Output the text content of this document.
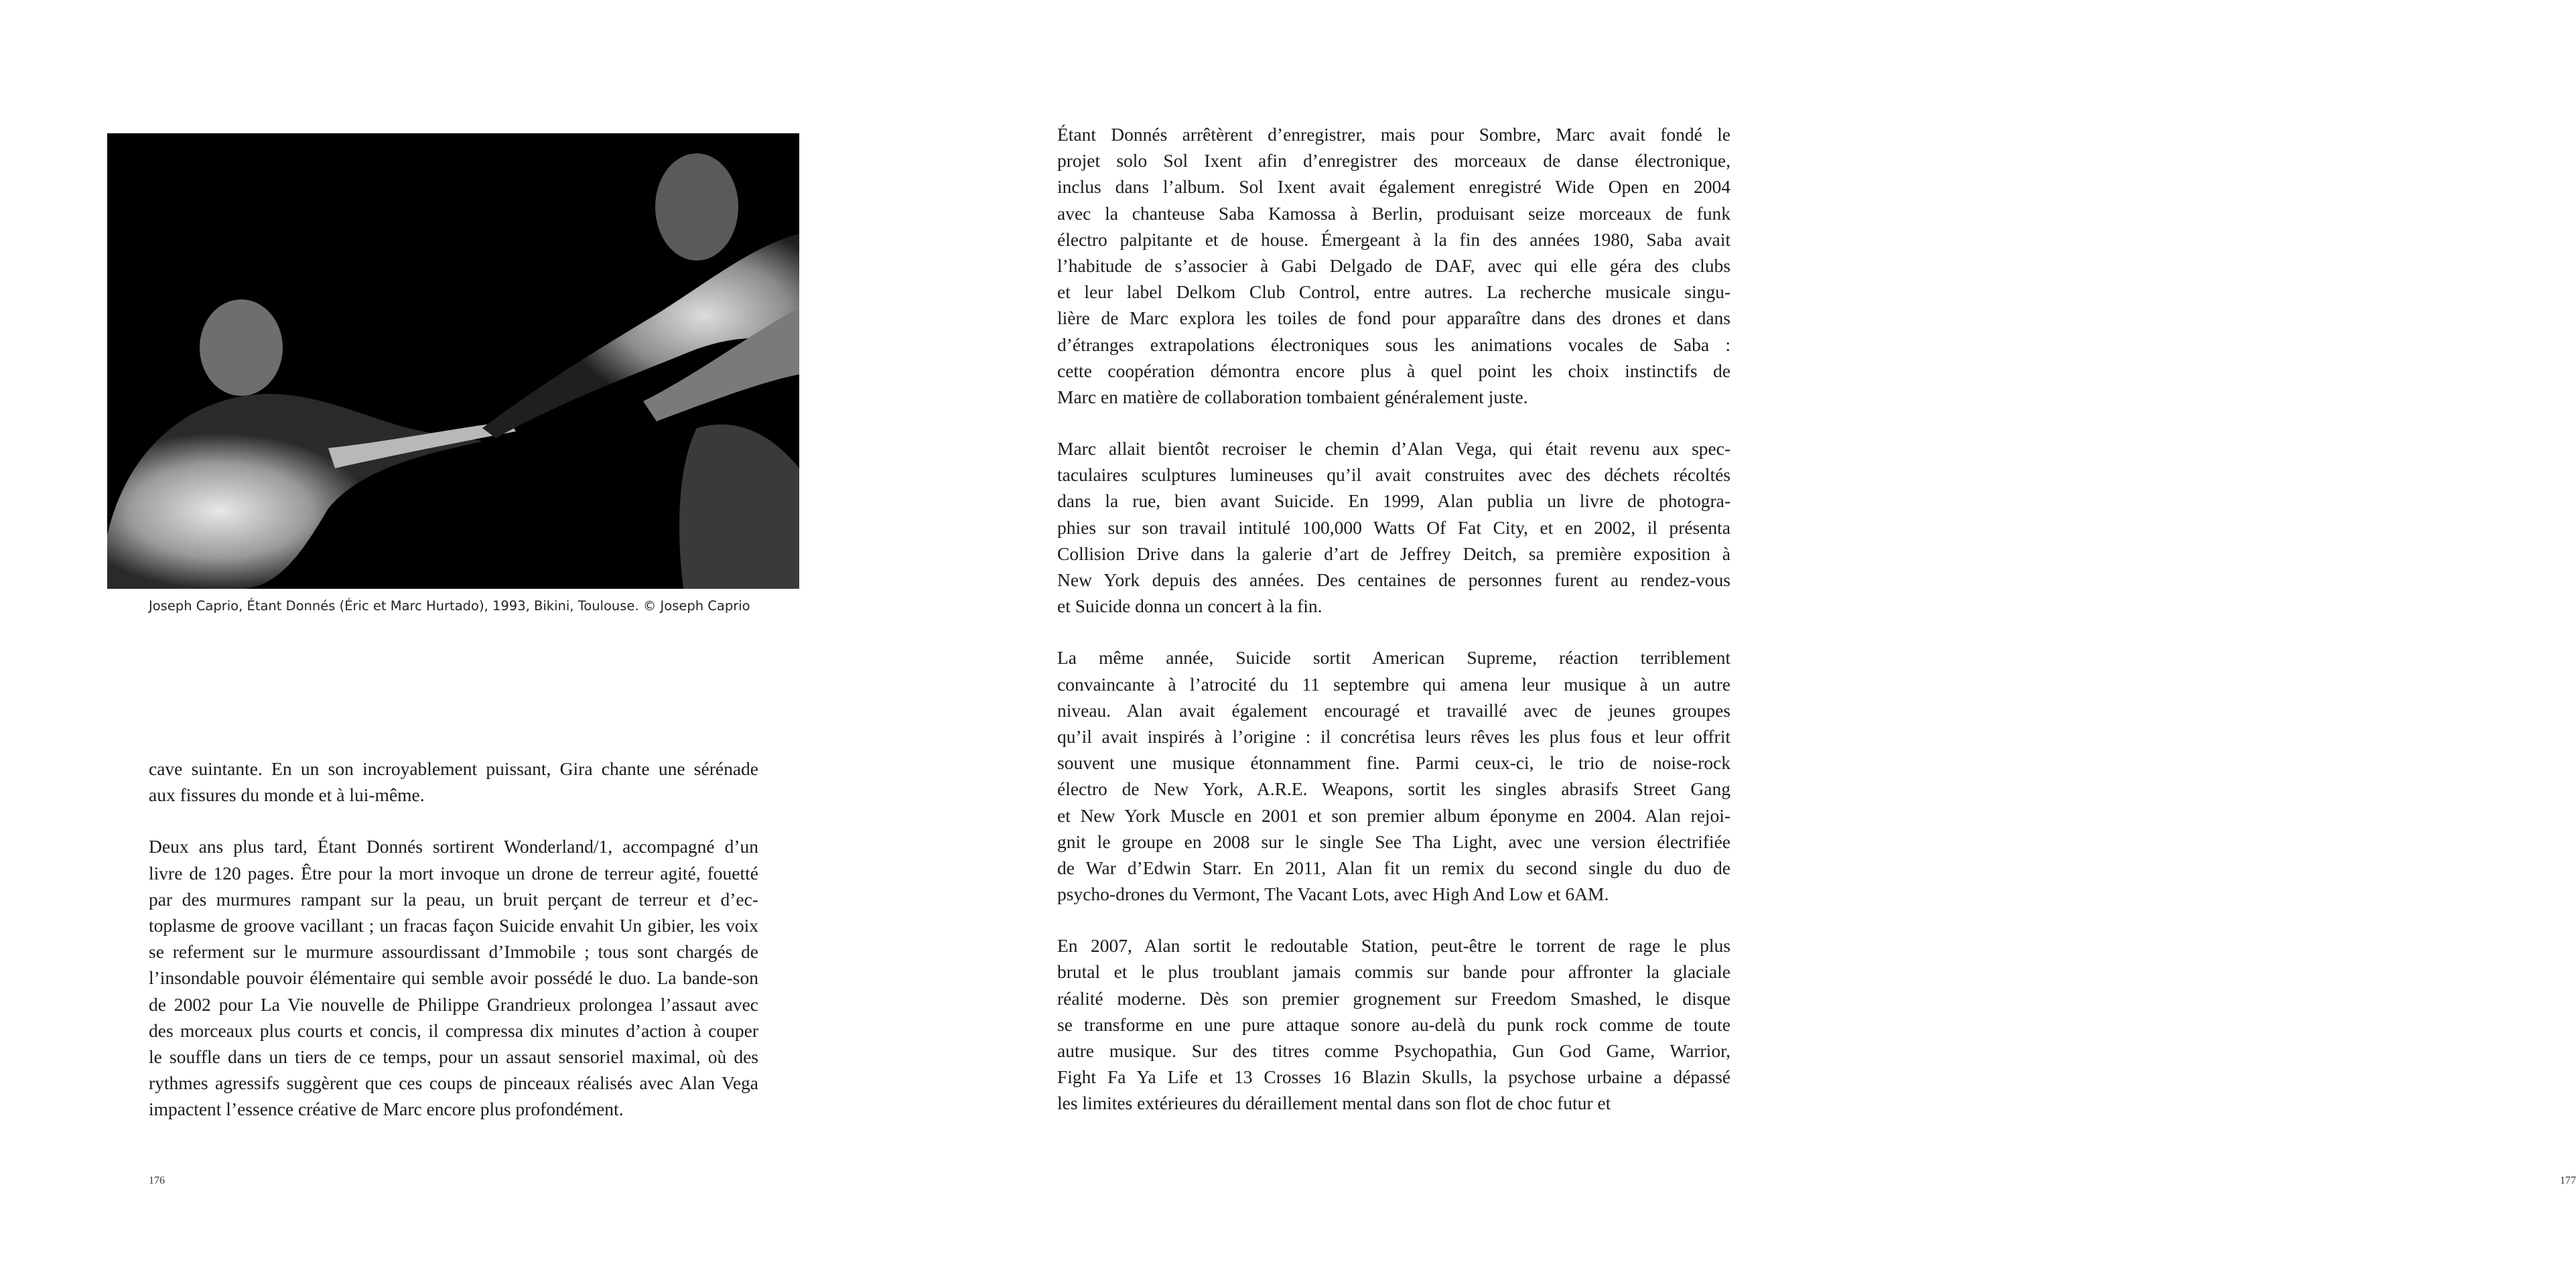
Joseph Caprio, Étant Donnés (Éric et Marc Hurtado), 1993, Bikini, Toulouse. © Joseph Caprio
cave suintante. En un son incroyablement puissant, Gira chante une sérénade
aux fissures du monde et à lui-même.
Deux ans plus tard, Étant Donnés sortirent Wonderland/1, accompagné d’un
livre de 120 pages. Être pour la mort invoque un drone de terreur agité, fouetté
par des murmures rampant sur la peau, un bruit perçant de terreur et d’ec-
toplasme de groove vacillant ; un fracas façon Suicide envahit Un gibier, les voix
se referment sur le murmure assourdissant d’Immobile ; tous sont chargés de
l’insondable pouvoir élémentaire qui semble avoir possédé le duo. La bande-son
de 2002 pour La Vie nouvelle de Philippe Grandrieux prolongea l’assaut avec
des morceaux plus courts et concis, il compressa dix minutes d’action à couper
le souffle dans un tiers de ce temps, pour un assaut sensoriel maximal, où des
rythmes agressifs suggèrent que ces coups de pinceaux réalisés avec Alan Vega
impactent l’essence créative de Marc encore plus profondément.
176
Étant Donnés arrêtèrent d’enregistrer, mais pour Sombre, Marc avait fondé le
projet solo Sol Ixent afin d’enregistrer des morceaux de danse électronique,
inclus dans l’album. Sol Ixent avait également enregistré Wide Open en 2004
avec la chanteuse Saba Kamossa à Berlin, produisant seize morceaux de funk
électro palpitante et de house. Émergeant à la fin des années 1980, Saba avait
l’habitude de s’associer à Gabi Delgado de DAF, avec qui elle géra des clubs
et leur label Delkom Club Control, entre autres. La recherche musicale singu-
lière de Marc explora les toiles de fond pour apparaître dans des drones et dans
d’étranges extrapolations électroniques sous les animations vocales de Saba :
cette coopération démontra encore plus à quel point les choix instinctifs de
Marc en matière de collaboration tombaient généralement juste.
Marc allait bientôt recroiser le chemin d’Alan Vega, qui était revenu aux spec-
taculaires sculptures lumineuses qu’il avait construites avec des déchets récoltés
dans la rue, bien avant Suicide. En 1999, Alan publia un livre de photogra-
phies sur son travail intitulé 100,000 Watts Of Fat City, et en 2002, il présenta
Collision Drive dans la galerie d’art de Jeffrey Deitch, sa première exposition à
New York depuis des années. Des centaines de personnes furent au rendez-vous
et Suicide donna un concert à la fin.
La même année, Suicide sortit American Supreme, réaction terriblement
convaincante à l’atrocité du 11 septembre qui amena leur musique à un autre
niveau. Alan avait également encouragé et travaillé avec de jeunes groupes
qu’il avait inspirés à l’origine : il concrétisa leurs rêves les plus fous et leur offrit
souvent une musique étonnamment fine. Parmi ceux-ci, le trio de noise-rock
électro de New York, A.R.E. Weapons, sortit les singles abrasifs Street Gang
et New York Muscle en 2001 et son premier album éponyme en 2004. Alan rejoi-
gnit le groupe en 2008 sur le single See Tha Light, avec une version électrifiée
de War d’Edwin Starr. En 2011, Alan fit un remix du second single du duo de
psycho-drones du Vermont, The Vacant Lots, avec High And Low et 6AM.
En 2007, Alan sortit le redoutable Station, peut-être le torrent de rage le plus
brutal et le plus troublant jamais commis sur bande pour affronter la glaciale
réalité moderne. Dès son premier grognement sur Freedom Smashed, le disque
se transforme en une pure attaque sonore au-delà du punk rock comme de toute
autre musique. Sur des titres comme Psychopathia, Gun God Game, Warrior,
Fight Fa Ya Life et 13 Crosses 16 Blazin Skulls, la psychose urbaine a dépassé
les limites extérieures du déraillement mental dans son flot de choc futur et
177
